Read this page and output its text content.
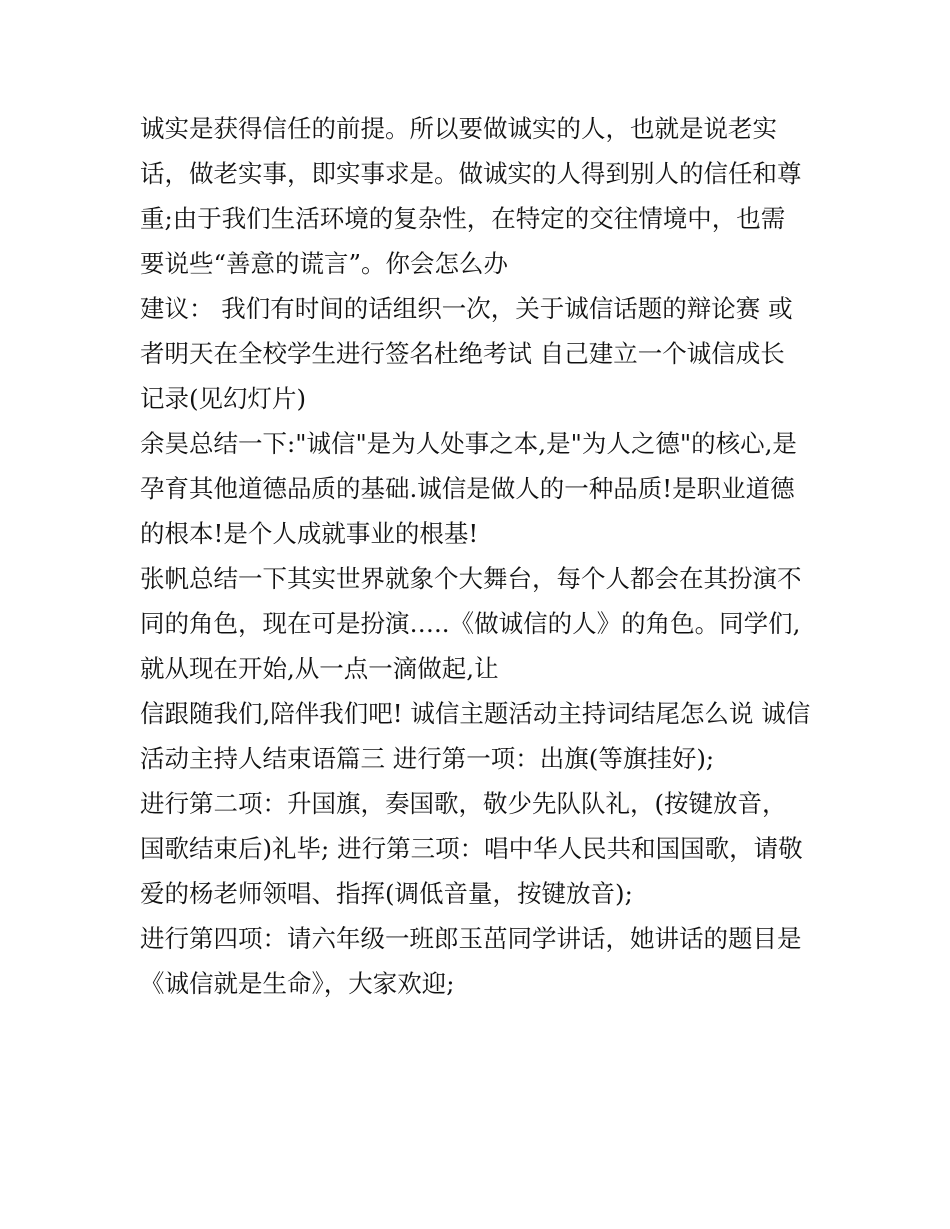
诚实是获得信任的前提。所以要做诚实的人，也就是说老实
话，做老实事，即实事求是。做诚实的人得到别人的信任和尊
重;由于我们生活环境的复杂性，在特定的交往情境中，也需
要说些“善意的谎言”。你会怎么办
建议： 我们有时间的话组织一次，关于诚信话题的辩论赛 或
者明天在全校学生进行签名杜绝考试 自己建立一个诚信成长
记录(见幻灯片)
余昊总结一下:"诚信"是为人处事之本,是"为人之德"的核心,是
孕育其他道德品质的基础.诚信是做人的一种品质!是职业道德
的根本!是个人成就事业的根基!
张帆总结一下其实世界就象个大舞台，每个人都会在其扮演不
同的角色，现在可是扮演…..《做诚信的人》的角色。同学们,
就从现在开始,从一点一滴做起,让
信跟随我们,陪伴我们吧! 诚信主题活动主持词结尾怎么说 诚信
活动主持人结束语篇三 进行第一项：出旗(等旗挂好);
进行第二项：升国旗，奏国歌，敬少先队队礼，(按键放音，
国歌结束后)礼毕; 进行第三项：唱中华人民共和国国歌，请敬
爱的杨老师领唱、指挥(调低音量，按键放音);
进行第四项：请六年级一班郎玉茁同学讲话，她讲话的题目是
《诚信就是生命》，大家欢迎;
